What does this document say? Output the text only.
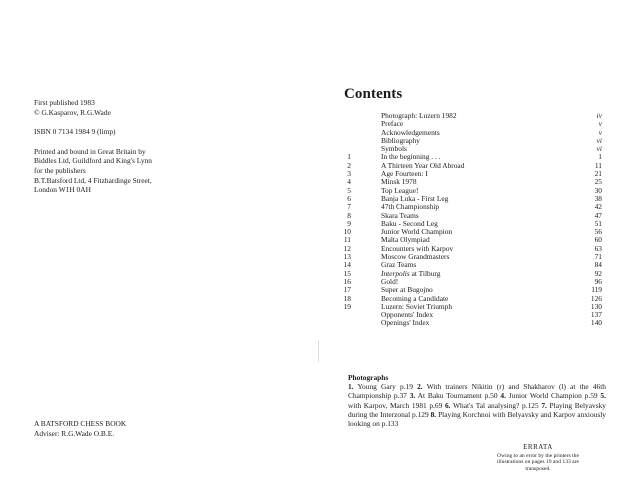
First published 1983
© G.Kasparov, R.G.Wade
ISBN 0 7134 1984 9 (limp)
Printed and bound in Great Britain by
Biddles Ltd, Guildford and King's Lynn
for the publishers
B.T.Batsford Ltd, 4 Fitzhardinge Street,
London W1H 0AH
A BATSFORD CHESS BOOK
Adviser: R.G.Wade O.B.E.
Contents
Photograph: Luzern 1982	iv
Preface	v
Acknowledgements	v
Bibliography	vi
Symbols	vi
1	In the beginning . . .	1
2	A Thirteen Year Old Abroad	11
3	Age Fourteen: I	21
4	Minsk 1978	25
5	Top League!	30
6	Banja Luka - First Leg	38
7	47th Championship	42
8	Skara Teams	47
9	Baku - Second Leg	51
10	Junior World Champion	56
11	Malta Olympiad	60
12	Encounters with Karpov	63
13	Moscow Grandmasters	71
14	Graz Teams	84
15	Interpolis at Tilburg	92
16	Gold!	96
17	Super at Bugojno	119
18	Becoming a Candidate	126
19	Luzern: Soviet Triumph	130
Opponents' Index	137
Openings' Index	140
Photographs
1. Young Gary p.19 2. With trainers Nikitin (r) and Shakharov (l) at the 46th Championship p.37 3. At Baku Tournament p.50 4. Junior World Champion p.59 5. with Karpov, March 1981 p.69 6. What's Tal analysing? p.125 7. Playing Belyavsky during the Interzonal p.129 8. Playing Korchnoi with Belyavsky and Karpov anxiously looking on p.133
ERRATA
Owing to an error by the printers the
illustrations on pages 19 and 133 are
transposed.
